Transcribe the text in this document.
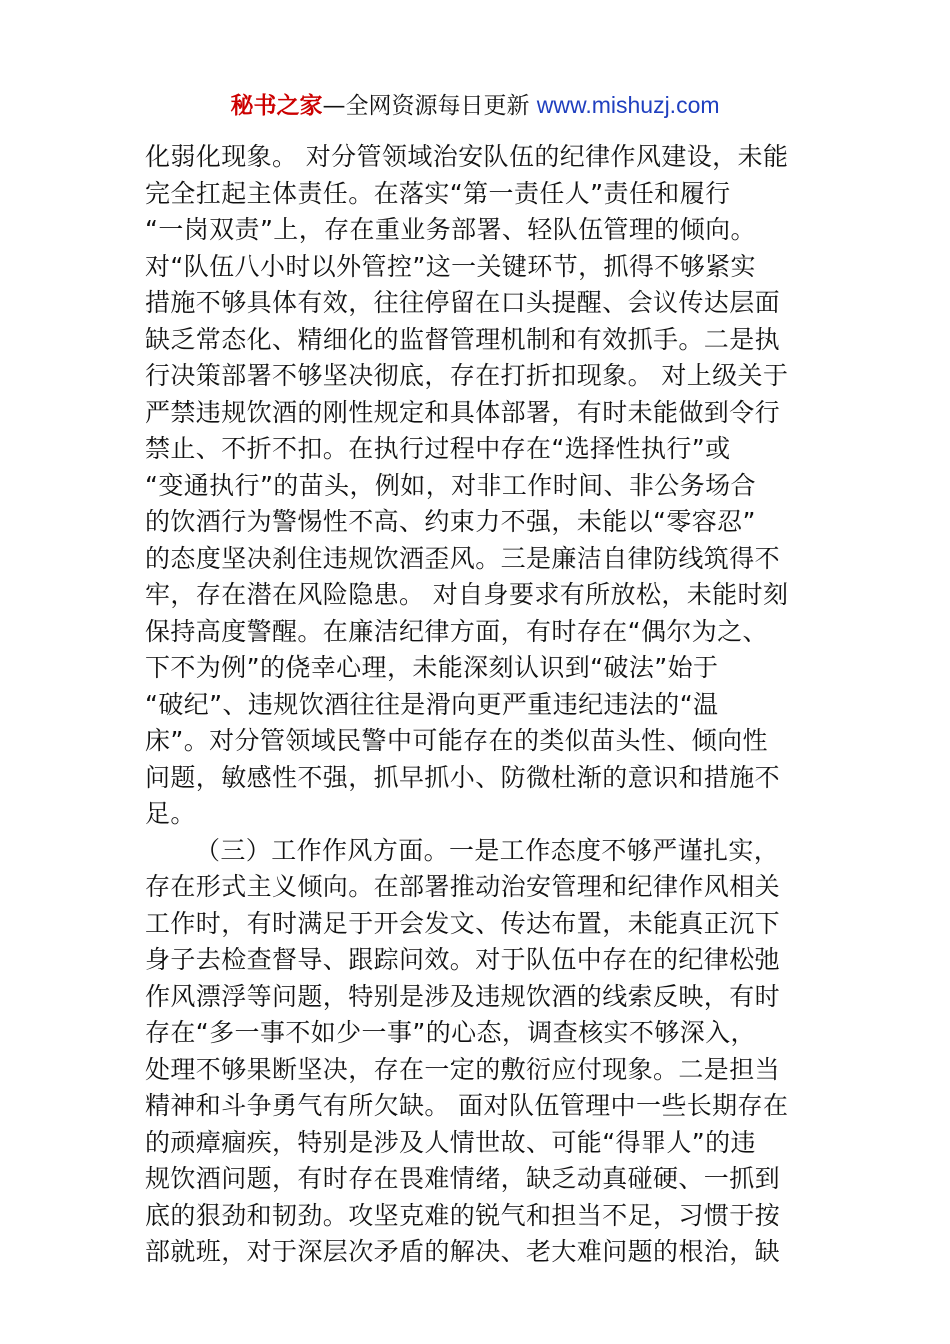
秘书之家—全网资源每日更新 www.mishuzj.com
化弱化现象。 对分管领域治安队伍的纪律作风建设，未能
完全扛起主体责任。在落实“第一责任人”责任和履行
“一岗双责”上，存在重业务部署、轻队伍管理的倾向。
对“队伍八小时以外管控”这一关键环节，抓得不够紧实
措施不够具体有效，往往停留在口头提醒、会议传达层面
缺乏常态化、精细化的监督管理机制和有效抓手。二是执
行决策部署不够坚决彻底，存在打折扣现象。 对上级关于
严禁违规饮酒的刚性规定和具体部署，有时未能做到令行
禁止、不折不扣。在执行过程中存在“选择性执行”或
“变通执行”的苗头，例如，对非工作时间、非公务场合
的饮酒行为警惕性不高、约束力不强，未能以“零容忍”
的态度坚决刹住违规饮酒歪风。三是廉洁自律防线筑得不
牢，存在潜在风险隐患。 对自身要求有所放松，未能时刻
保持高度警醒。在廉洁纪律方面，有时存在“偶尔为之、
下不为例”的侥幸心理，未能深刻认识到“破法”始于
“破纪”、违规饮酒往往是滑向更严重违纪违法的“温
床”。对分管领域民警中可能存在的类似苗头性、倾向性
问题，敏感性不强，抓早抓小、防微杜渐的意识和措施不
足。
（三）工作作风方面。一是工作态度不够严谨扎实，
存在形式主义倾向。在部署推动治安管理和纪律作风相关
工作时，有时满足于开会发文、传达布置，未能真正沉下
身子去检查督导、跟踪问效。对于队伍中存在的纪律松弛
作风漂浮等问题，特别是涉及违规饮酒的线索反映，有时
存在“多一事不如少一事”的心态，调查核实不够深入，
处理不够果断坚决，存在一定的敷衍应付现象。二是担当
精神和斗争勇气有所欠缺。 面对队伍管理中一些长期存在
的顽瘴痼疾，特别是涉及人情世故、可能“得罪人”的违
规饮酒问题，有时存在畏难情绪，缺乏动真碰硬、一抓到
底的狠劲和韧劲。攻坚克难的锐气和担当不足，习惯于按
部就班，对于深层次矛盾的解决、老大难问题的根治，缺
